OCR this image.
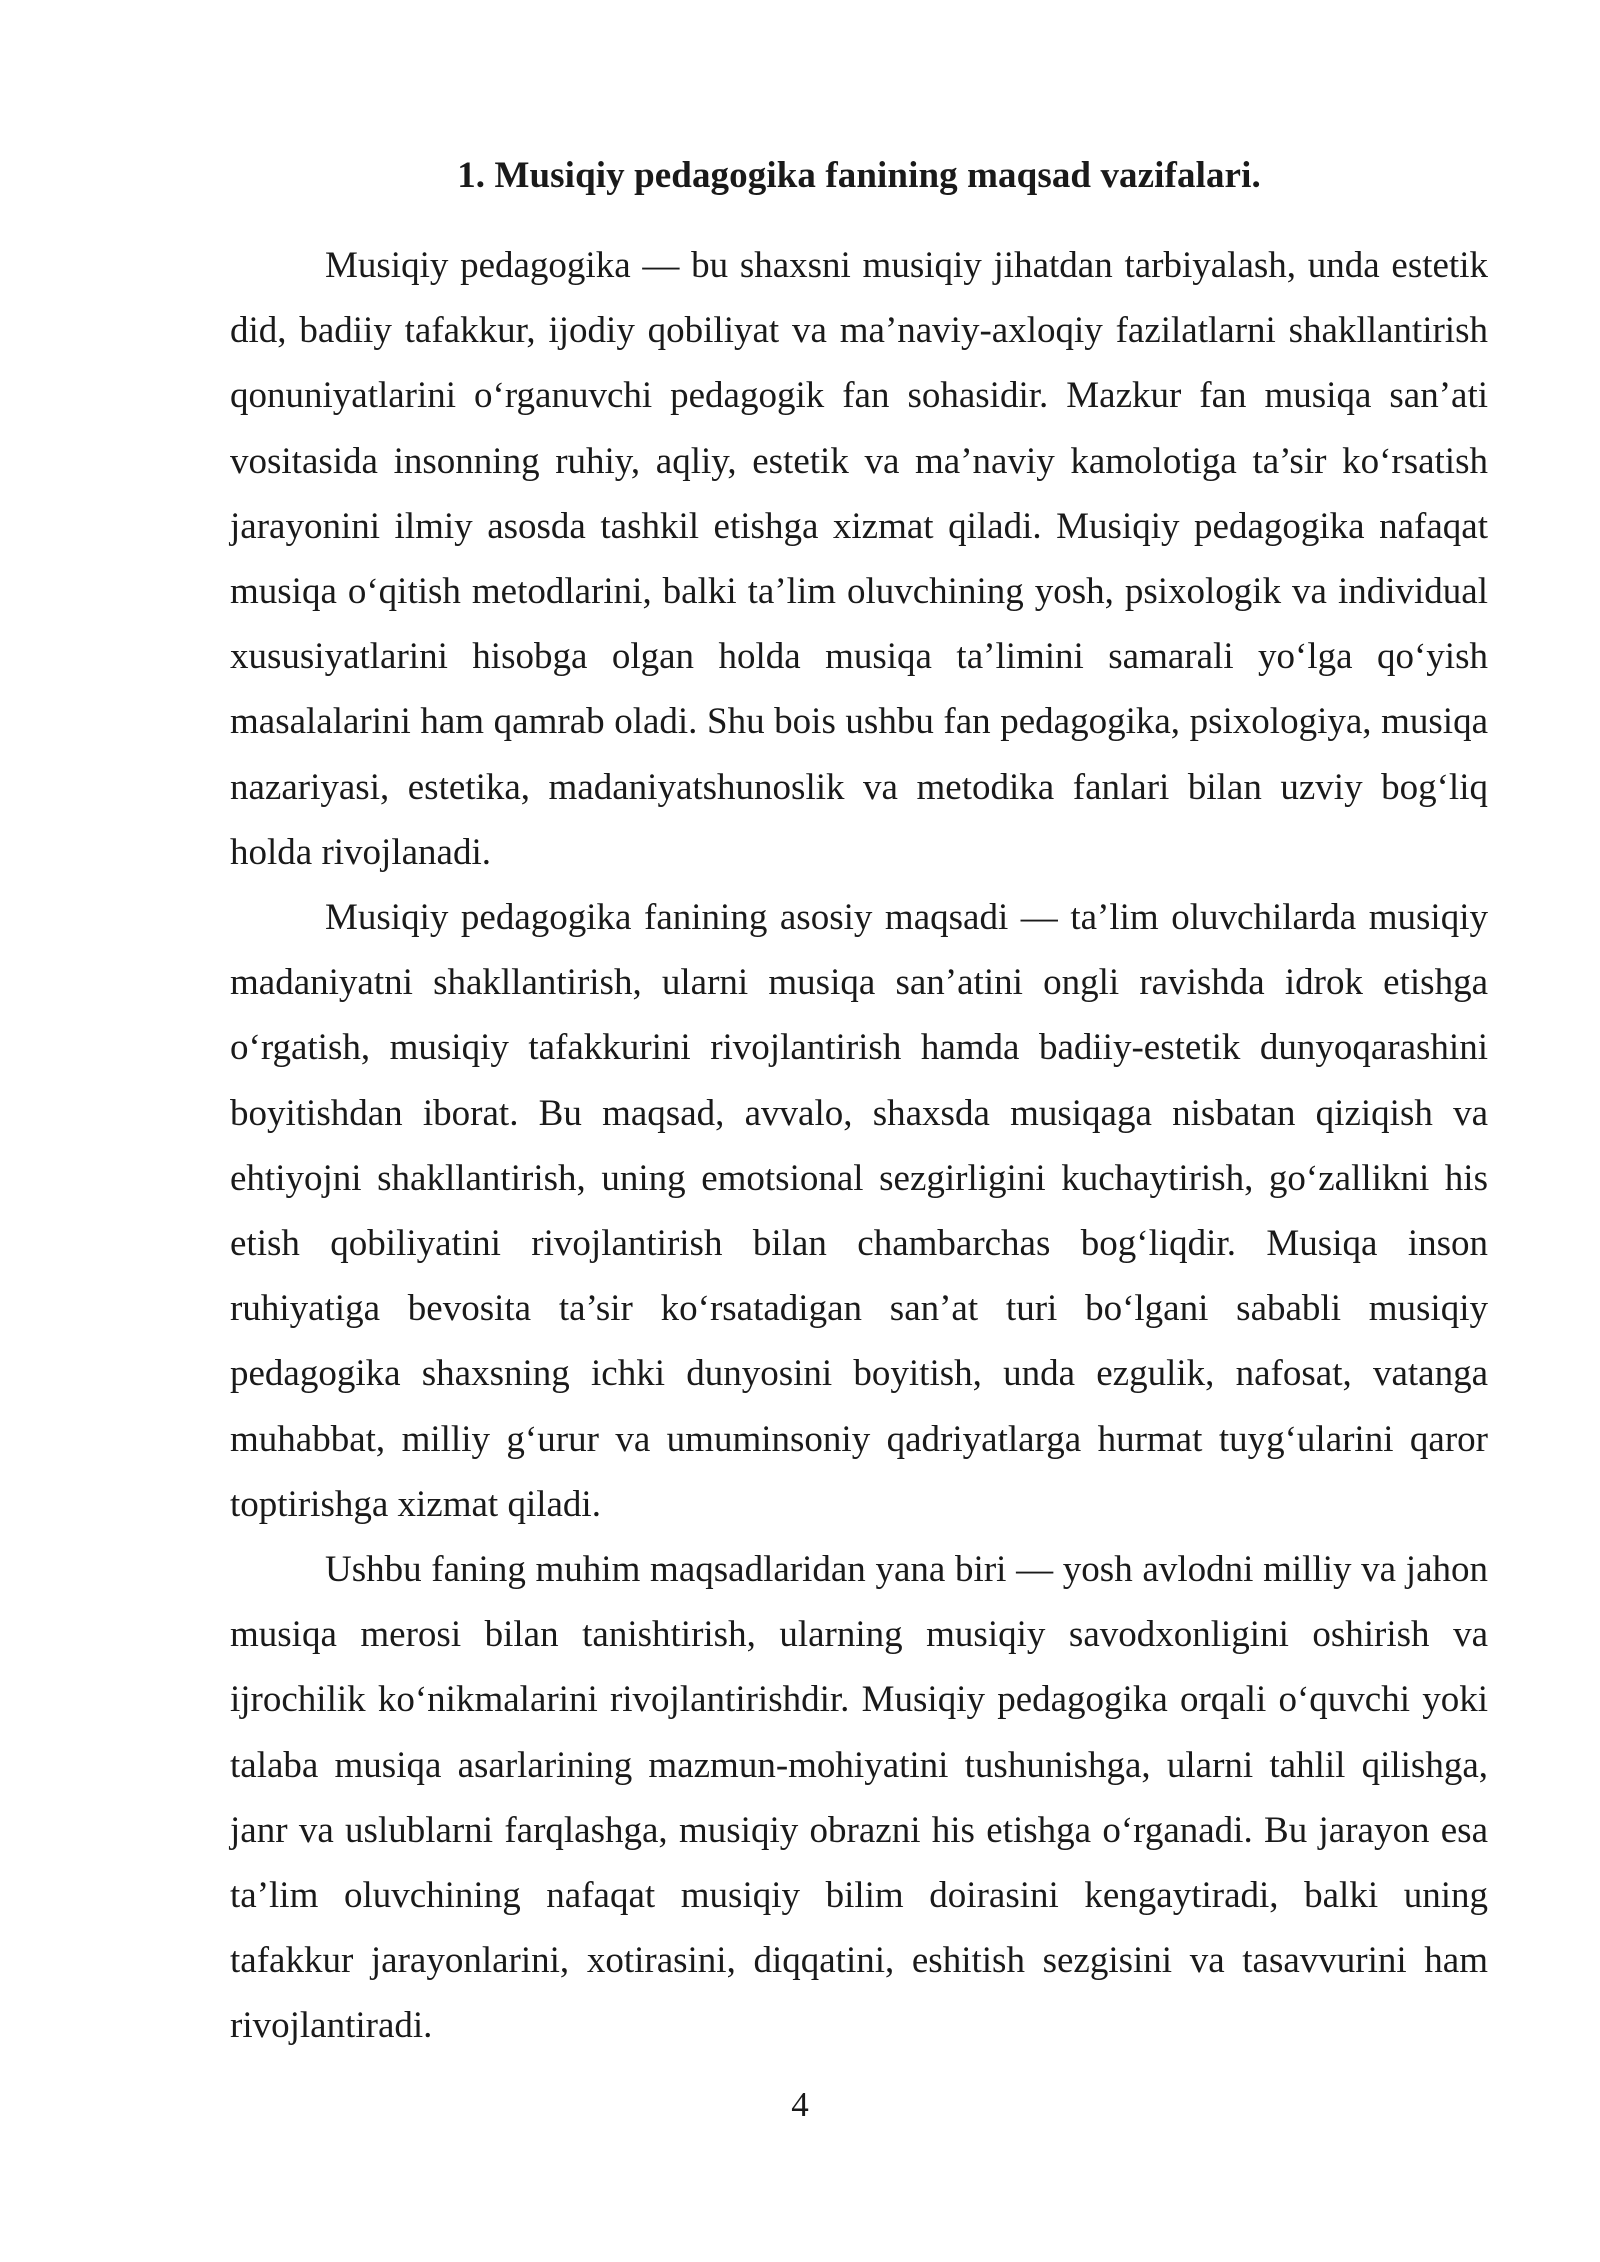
1. Musiqiy pedagogika fanining maqsad vazifalari.

Musiqiy pedagogika — bu shaxsni musiqiy jihatdan tarbiyalash, unda estetik did, badiiy tafakkur, ijodiy qobiliyat va ma’naviy-axloqiy fazilatlarni shakllantirish qonuniyatlarini o‘rganuvchi pedagogik fan sohasidir. Mazkur fan musiqa san’ati vositasida insonning ruhiy, aqliy, estetik va ma’naviy kamolotiga ta’sir ko‘rsatish jarayonini ilmiy asosda tashkil etishga xizmat qiladi. Musiqiy pedagogika nafaqat musiqa o‘qitish metodlarini, balki ta’lim oluvchining yosh, psixologik va individual xususiyatlarini hisobga olgan holda musiqa ta’limini samarali yo‘lga qo‘yish masalalarini ham qamrab oladi. Shu bois ushbu fan pedagogika, psixologiya, musiqa nazariyasi, estetika, madaniyatshunoslik va metodika fanlari bilan uzviy bog‘liq holda rivojlanadi.

Musiqiy pedagogika fanining asosiy maqsadi — ta’lim oluvchilarda musiqiy madaniyatni shakllantirish, ularni musiqa san’atini ongli ravishda idrok etishga o‘rgatish, musiqiy tafakkurini rivojlantirish hamda badiiy-estetik dunyoqarashini boyitishdan iborat. Bu maqsad, avvalo, shaxsda musiqaga nisbatan qiziqish va ehtiyojni shakllantirish, uning emotsional sezgirligini kuchaytirish, go‘zallikni his etish qobiliyatini rivojlantirish bilan chambarchas bog‘liqdir. Musiqa inson ruhiyatiga bevosita ta’sir ko‘rsatadigan san’at turi bo‘lgani sababli musiqiy pedagogika shaxsning ichki dunyosini boyitish, unda ezgulik, nafosat, vatanga muhabbat, milliy g‘urur va umuminsoniy qadriyatlarga hurmat tuyg‘ularini qaror toptirishga xizmat qiladi.

Ushbu faning muhim maqsadlaridan yana biri — yosh avlodni milliy va jahon musiqa merosi bilan tanishtirish, ularning musiqiy savodxonligini oshirish va ijrochilik ko‘nikmalarini rivojlantirishdir. Musiqiy pedagogika orqali o‘quvchi yoki talaba musiqa asarlarining mazmun-mohiyatini tushunishga, ularni tahlil qilishga, janr va uslublarni farqlashga, musiqiy obrazni his etishga o‘rganadi. Bu jarayon esa ta’lim oluvchining nafaqat musiqiy bilim doirasini kengaytiradi, balki uning tafakkur jarayonlarini, xotirasini, diqqatini, eshitish sezgisini va tasavvurini ham rivojlantiradi.

4
